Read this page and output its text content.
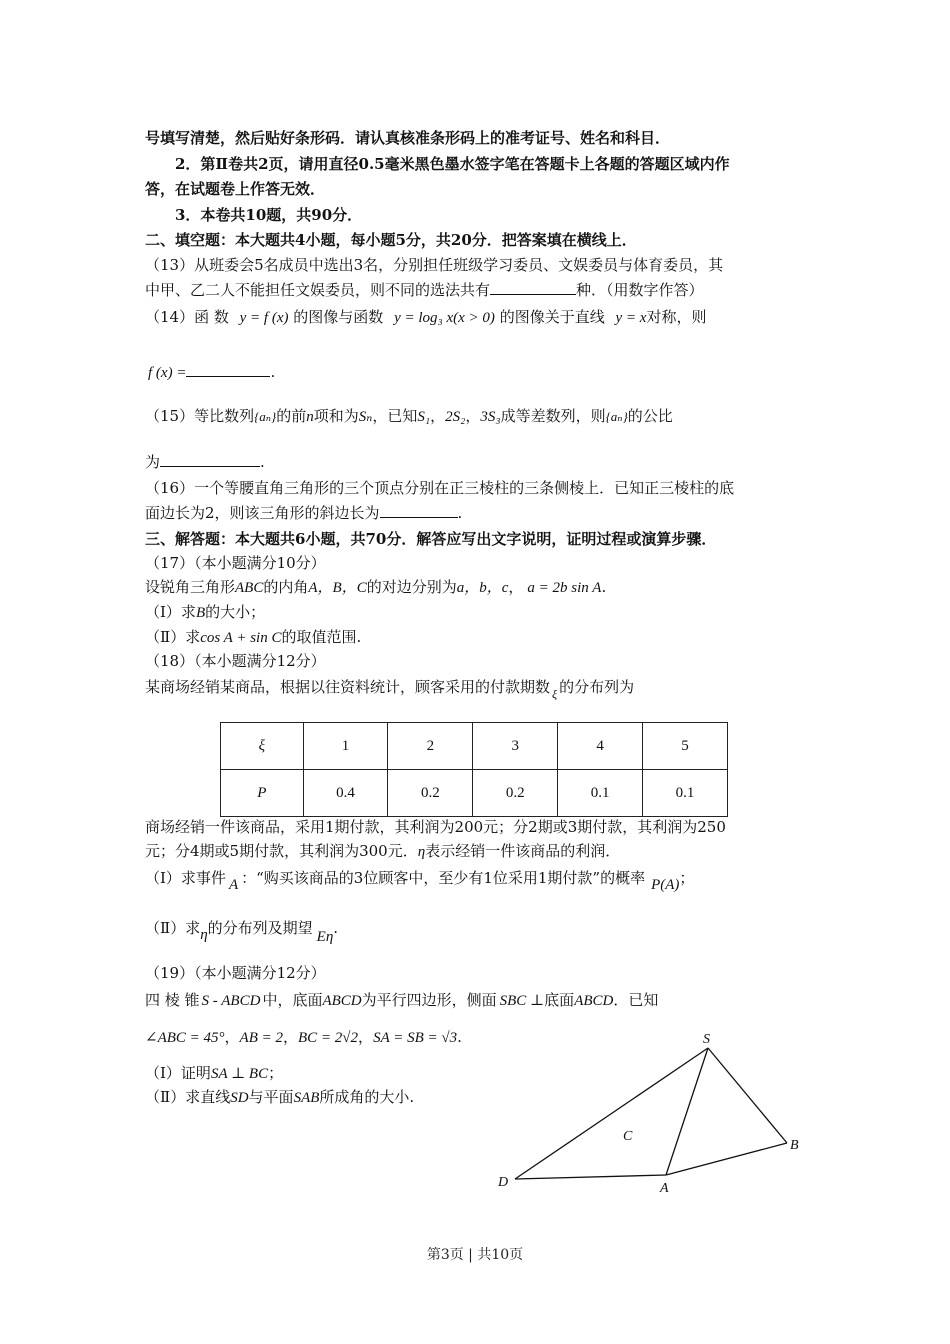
号填写清楚，然后贴好条形码．请认真核准条形码上的准考证号、姓名和科目．
2．第Ⅱ卷共2页，请用直径0.5毫米黑色墨水签字笔在答题卡上各题的答题区域内作
答，在试题卷上作答无效．
3．本卷共10题，共90分．
二、填空题：本大题共4小题，每小题5分，共20分．把答案填在横线上．
（13）从班委会5名成员中选出3名，分别担任班级学习委员、文娱委员与体育委员，其
中甲、乙二人不能担任文娱委员，则不同的选法共有	种．（用数字作答）
（14）函 数 y = f (x) 的图像与函数 y = log₃ x(x > 0) 的图像关于直线 y = x对称，则
f (x) =	.
（15）等比数列{aₙ}的前n项和为Sₙ，已知S₁，2S₂，3S₃成等差数列，则{aₙ}的公比
为	.
（16）一个等腰直角三角形的三个顶点分别在正三棱柱的三条侧棱上．已知正三棱柱的底
面边长为2，则该三角形的斜边长为	.
三、解答题：本大题共6小题，共70分．解答应写出文字说明，证明过程或演算步骤．
（17）（本小题满分10分）
设锐角三角形ABC的内角A，B，C的对边分别为a，b，c， a = 2b sin A.
（Ⅰ）求B的大小；
（Ⅱ）求cos A + sin C的取值范围.
（18）（本小题满分12分）
某商场经销某商品，根据以往资料统计，顾客采用的付款期数 $_\xi$ 的分布列为
ξ	1	2	3	4	5
P	0.4	0.2	0.2	0.1	0.1
商场经销一件该商品，采用1期付款，其利润为200元；分2期或3期付款，其利润为250
元；分4期或5期付款，其利润为300元．η表示经销一件该商品的利润．
（Ⅰ）求事件 A ：“购买该商品的3位顾客中，至少有1位采用1期付款”的概率 P(A)；
（Ⅱ）求η的分布列及期望 Eη.
（19）（本小题满分12分）
四 棱 锥 S - ABCD 中，底面ABCD为平行四边形，侧面 SBC ⊥底面ABCD．已知
∠ABC = 45°，AB = 2，BC = 2√2，SA = SB = √3.
（Ⅰ）证明SA ⊥ BC；
（Ⅱ）求直线SD与平面SAB所成角的大小.
S
B
A
D
C
第3页 | 共10页
